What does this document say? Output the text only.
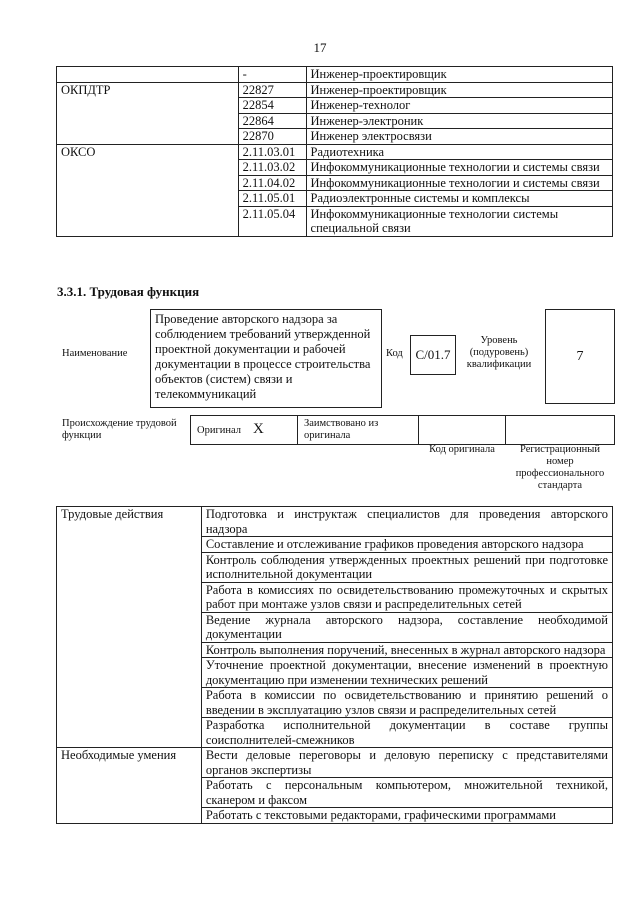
17
	-	Инженер-проектировщик
ОКПДТР	22827	Инженер-проектировщик
	22854	Инженер-технолог
	22864	Инженер-электроник
	22870	Инженер электросвязи
ОКСО	2.11.03.01	Радиотехника
	2.11.03.02	Инфокоммуникационные технологии и системы связи
	2.11.04.02	Инфокоммуникационные технологии и системы связи
	2.11.05.01	Радиоэлектронные системы и комплексы
	2.11.05.04	Инфокоммуникационные технологии системы специальной связи
3.3.1. Трудовая функция
Наименование
Проведение авторского надзора за соблюдением требований утвержденной проектной документации и рабочей документации в процессе строительства объектов (систем) связи и телекоммуникаций
Код С/01.7
Уровень (подуровень) квалификации
7
Происхождение трудовой функции	Оригинал X	Заимствовано из оригинала
Код оригинала	Регистрационный номер профессионального стандарта
Трудовые действия	Подготовка и инструктаж специалистов для проведения авторского надзора
	Составление и отслеживание графиков проведения авторского надзора
	Контроль соблюдения утвержденных проектных решений при подготовке исполнительной документации
	Работа в комиссиях по освидетельствованию промежуточных и скрытых работ при монтаже узлов связи и распределительных сетей
	Ведение журнала авторского надзора, составление необходимой документации
	Контроль выполнения поручений, внесенных в журнал авторского надзора
	Уточнение проектной документации, внесение изменений в проектную документацию при изменении технических решений
	Работа в комиссии по освидетельствованию и принятию решений о введении в эксплуатацию узлов связи и распределительных сетей
	Разработка исполнительной документации в составе группы соисполнителей-смежников
Необходимые умения	Вести деловые переговоры и деловую переписку с представителями органов экспертизы
	Работать с персональным компьютером, множительной техникой, сканером и факсом
	Работать с текстовыми редакторами, графическими программами
